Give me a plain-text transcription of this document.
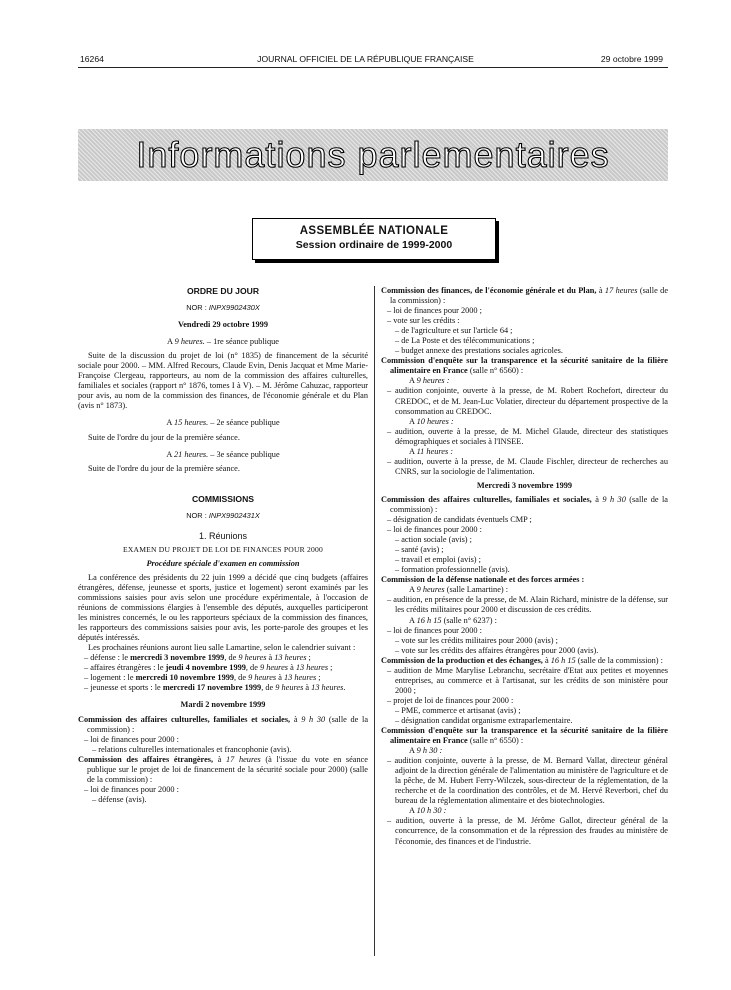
16264	JOURNAL OFFICIEL DE LA RÉPUBLIQUE FRANÇAISE	29 octobre 1999
Informations parlementaires
ASSEMBLÉE NATIONALE
Session ordinaire de 1999-2000
ORDRE DU JOUR
NOR : INPX9902430X
Vendredi 29 octobre 1999
A 9 heures. – 1re séance publique
Suite de la discussion du projet de loi (n° 1835) de financement de la sécurité sociale pour 2000. – MM. Alfred Recours, Claude Evin, Denis Jacquat et Mme Marie-Françoise Clergeau, rapporteurs, au nom de la commission des affaires culturelles, familiales et sociales (rapport n° 1876, tomes I à V). – M. Jérôme Cahuzac, rapporteur pour avis, au nom de la commission des finances, de l'économie générale et du Plan (avis n° 1873).
A 15 heures. – 2e séance publique
Suite de l'ordre du jour de la première séance.
A 21 heures. – 3e séance publique
Suite de l'ordre du jour de la première séance.
COMMISSIONS
NOR : INPX9902431X
1. Réunions
EXAMEN DU PROJET DE LOI DE FINANCES POUR 2000
Procédure spéciale d'examen en commission
La conférence des présidents du 22 juin 1999 a décidé que cinq budgets (affaires étrangères, défense, jeunesse et sports, justice et logement) seront examinés par les commissions saisies pour avis selon une procédure expérimentale, à l'occasion de réunions de commissions élargies à l'ensemble des députés, auxquelles participeront les ministres concernés, le ou les rapporteurs spéciaux de la commission des finances, les rapporteurs des commissions saisies pour avis, les porte-parole des groupes et les députés intéressés.
Les prochaines réunions auront lieu salle Lamartine, selon le calendrier suivant :
– défense : le mercredi 3 novembre 1999, de 9 heures à 13 heures ;
– affaires étrangères : le jeudi 4 novembre 1999, de 9 heures à 13 heures ;
– logement : le mercredi 10 novembre 1999, de 9 heures à 13 heures ;
– jeunesse et sports : le mercredi 17 novembre 1999, de 9 heures à 13 heures.
Mardi 2 novembre 1999
Commission des affaires culturelles, familiales et sociales, à 9 h 30 (salle de la commission) :
– loi de finances pour 2000 :
– relations culturelles internationales et francophonie (avis).
Commission des affaires étrangères, à 17 heures (à l'issue du vote en séance publique sur le projet de loi de financement de la sécurité sociale pour 2000) (salle de la commission) :
– loi de finances pour 2000 :
– défense (avis).
Commission des finances, de l'économie générale et du Plan, à 17 heures (salle de la commission) :
– loi de finances pour 2000 ;
– vote sur les crédits :
– de l'agriculture et sur l'article 64 ;
– de La Poste et des télécommunications ;
– budget annexe des prestations sociales agricoles.
Commission d'enquête sur la transparence et la sécurité sanitaire de la filière alimentaire en France (salle n° 6560) :
A 9 heures :
– audition conjointe, ouverte à la presse, de M. Robert Rochefort, directeur du CREDOC, et de M. Jean-Luc Volatier, directeur du département prospective de la consommation au CREDOC.
A 10 heures :
– audition, ouverte à la presse, de M. Michel Glaude, directeur des statistiques démographiques et sociales à l'INSEE.
A 11 heures :
– audition, ouverte à la presse, de M. Claude Fischler, directeur de recherches au CNRS, sur la sociologie de l'alimentation.
Mercredi 3 novembre 1999
Commission des affaires culturelles, familiales et sociales, à 9 h 30 (salle de la commission) :
– désignation de candidats éventuels CMP ;
– loi de finances pour 2000 :
– action sociale (avis) ;
– santé (avis) ;
– travail et emploi (avis) ;
– formation professionnelle (avis).
Commission de la défense nationale et des forces armées :
A 9 heures (salle Lamartine) :
– audition, en présence de la presse, de M. Alain Richard, ministre de la défense, sur les crédits militaires pour 2000 et discussion de ces crédits.
A 16 h 15 (salle n° 6237) :
– loi de finances pour 2000 :
– vote sur les crédits militaires pour 2000 (avis) ;
– vote sur les crédits des affaires étrangères pour 2000 (avis).
Commission de la production et des échanges, à 16 h 15 (salle de la commission) :
– audition de Mme Marylise Lebranchu, secrétaire d'Etat aux petites et moyennes entreprises, au commerce et à l'artisanat, sur les crédits de son ministère pour 2000 ;
– projet de loi de finances pour 2000 :
– PME, commerce et artisanat (avis) ;
– désignation candidat organisme extraparlementaire.
Commission d'enquête sur la transparence et la sécurité sanitaire de la filière alimentaire en France (salle n° 6550) :
A 9 h 30 :
– audition conjointe, ouverte à la presse, de M. Bernard Vallat, directeur général adjoint de la direction générale de l'alimentation au ministère de l'agriculture et de la pêche, de M. Hubert Ferry-Wilczek, sous-directeur de la réglementation, de la recherche et de la coordination des contrôles, et de M. Hervé Reverbori, chef du bureau de la réglementation alimentaire et des biotechnologies.
A 10 h 30 :
– audition, ouverte à la presse, de M. Jérôme Gallot, directeur général de la concurrence, de la consommation et de la répression des fraudes au ministère de l'économie, des finances et de l'industrie.
